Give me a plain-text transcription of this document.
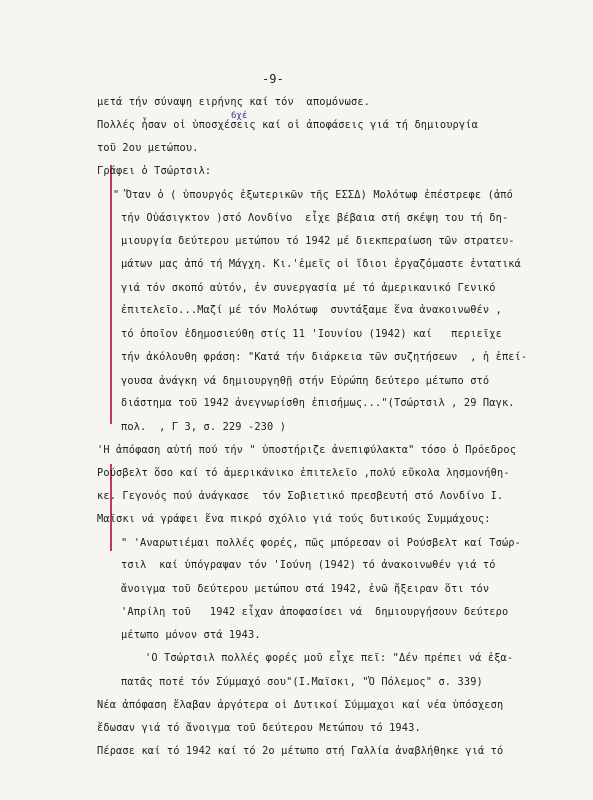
-9-
6χέ
μετά τήν σύναψη ειρήνης καί τόν  απομόνωσε.
Πολλές ἦσαν οἱ ὑποσχέσεις καί οἱ ἀποφάσεις γιά τή δημιουργία
τοῦ 2ου μετώπου.
Γράφει ὁ Τσώρτσιλ:
" Ὅταν ὁ ( ὑπουργός ἐξωτερικῶν τῆς ΕΣΣΔ) Μολότωφ ἐπέστρεφε (ἀπό
τήν Οὐάσιγκτον )στό Λονδίνο  εἶχε βέβαια στή σκέψη του τή δη-
μιουργία δεύτερου μετώπου τό 1942 μέ διεκπεραίωση τῶν στρατευ-
μάτων μας ἀπό τή Μάγχη. Κι.'ἐμεῖς οἱ ἴδιοι ἐργαζόμαστε ἐντατικά
γιά τόν σκοπό αὐτόν, ἐν συνεργασία μέ τό ἀμερικανικό Γενικό
ἐπιτελεῖο...Μαζί μέ τόν Μολότωφ  συντάξαμε ἕνα ἀνακοινωθέν ,
τό ὁποῖον ἐδημοσιεύθη στίς 11 'Ιουνίου (1942) καί   περιεῖχε
τήν ἀκόλουθη φράση: "Κατά τήν διάρκεια τῶν συζητήσεων  , ἡ ἐπεί-
γουσα ἀνάγκη νά δημιουργηθῇ στήν Εὐρώπη δεύτερο μέτωπο στό
διάστημα τοῦ 1942 ἀνεγνωρίσθη ἐπισήμως..."(Τσώρτσιλ , 29 Παγκ.
πολ.  , Γ 3, σ. 229 -230 )
'Η ἀπόφαση αὐτή πού τήν " ὑποστήριζε ἀνεπιφύλακτα" τόσο ὁ Πρόεδρος
Ρούσβελτ ὅσο καί τό ἀμερικάνικο ἐπιτελεῖο ,πολύ εὔκολα λησμονήθη-
κε. Γεγονός πού ἀνάγκασε  τόν Σοβιετικό πρεσβευτή στό Λονδίνο Ι.
Μαϊσκι νά γράφει ἕνα πικρό σχόλιο γιά τούς δυτικούς Συμμάχους:
" 'Αναρωτιέμαι πολλές φορές, πῶς μπόρεσαν οἱ Ρούσβελτ καί Τσώρ-
τσιλ  καί ὑπόγραψαν τόν 'Ιούνη (1942) τό ἀνακοινωθέν γιά τό
ἄνοιγμα τοῦ δεύτερου μετώπου στά 1942, ἐνῶ ἤξειραν ὅτι τόν
'Απρίλη τοῦ   1942 εἶχαν ἀποφασίσει νά  δημιουργήσουν δεύτερο
μέτωπο μόνον στά 1943.
'Ο Τσώρτσιλ πολλές φορές μοῦ εἶχε πεῖ: "Δέν πρέπει νά ἐξα-
πατᾶς ποτέ τόν Σύμμαχό σου"(Ι.Μαϊσκι, "Ὁ Πόλεμος" σ. 339)
Νέα ἀπόφαση ἔλαβαν ἀργότερα οἱ Δυτικοί Σύμμαχοι καί νέα ὑπόσχεση
ἔδωσαν γιά τό ἄνοιγμα τοῦ δεύτερου Μετώπου τό 1943.
Πέρασε καί τό 1942 καί τό 2ο μέτωπο στή Γαλλία ἀναβλήθηκε γιά τό
